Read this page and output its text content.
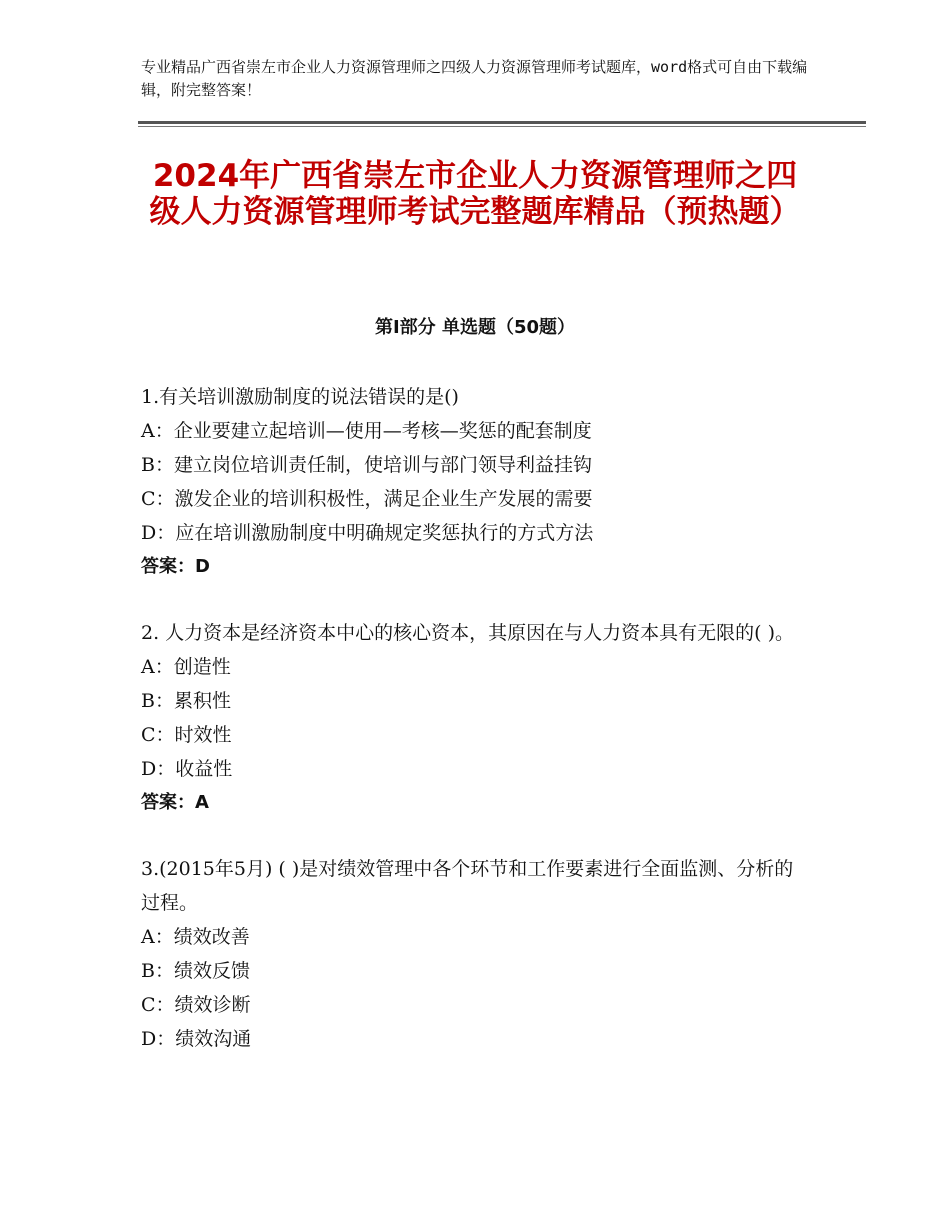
专业精品广西省崇左市企业人力资源管理师之四级人力资源管理师考试题库，word格式可自由下载编辑，附完整答案！
2024年广西省崇左市企业人力资源管理师之四级人力资源管理师考试完整题库精品（预热题）
第Ⅰ部分 单选题（50题）
1.有关培训激励制度的说法错误的是()
A：企业要建立起培训—使用—考核—奖惩的配套制度
B：建立岗位培训责任制，使培训与部门领导利益挂钩
C：激发企业的培训积极性，满足企业生产发展的需要
D：应在培训激励制度中明确规定奖惩执行的方式方法
答案：D
2. 人力资本是经济资本中心的核心资本，其原因在与人力资本具有无限的( )。
A：创造性
B：累积性
C：时效性
D：收益性
答案：A
3.(2015年5月) ( )是对绩效管理中各个环节和工作要素进行全面监测、分析的过程。
A：绩效改善
B：绩效反馈
C：绩效诊断
D：绩效沟通
